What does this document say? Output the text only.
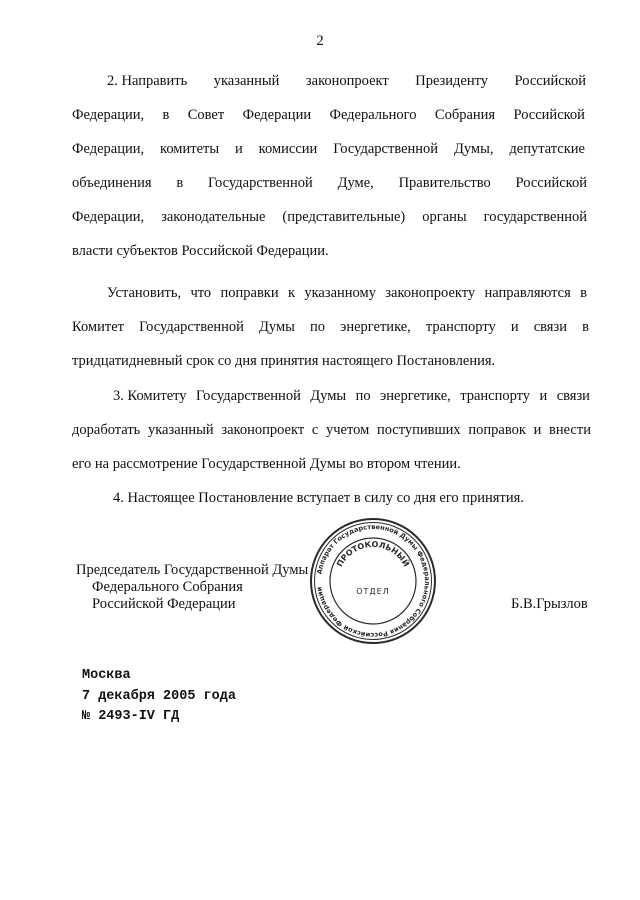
2
2. Направить указанный законопроект Президенту Российской
Федерации, в Совет Федерации Федерального Собрания Российской
Федерации, комитеты и комиссии Государственной Думы, депутатские
объединения в Государственной Думе, Правительство Российской
Федерации, законодательные (представительные) органы государственной
власти субъектов Российской Федерации.
Установить, что поправки к указанному законопроекту направляются в
Комитет Государственной Думы по энергетике, транспорту и связи в
тридцатидневный срок со дня принятия настоящего Постановления.
3. Комитету Государственной Думы по энергетике, транспорту и связи
доработать указанный законопроект с учетом поступивших поправок и внести
его на рассмотрение Государственной Думы во втором чтении.
4. Настоящее Постановление вступает в силу со дня его принятия.
Председатель Государственной Думы
Федерального Собрания
Российской Федерации	Б.В.Грызлов
Аппарат Государственной Думы Федерального Собрания Российской Федерации
ПРОТОКОЛЬНЫЙ
ОТДЕЛ
Москва
7 декабря 2005 года
№ 2493-IV ГД
